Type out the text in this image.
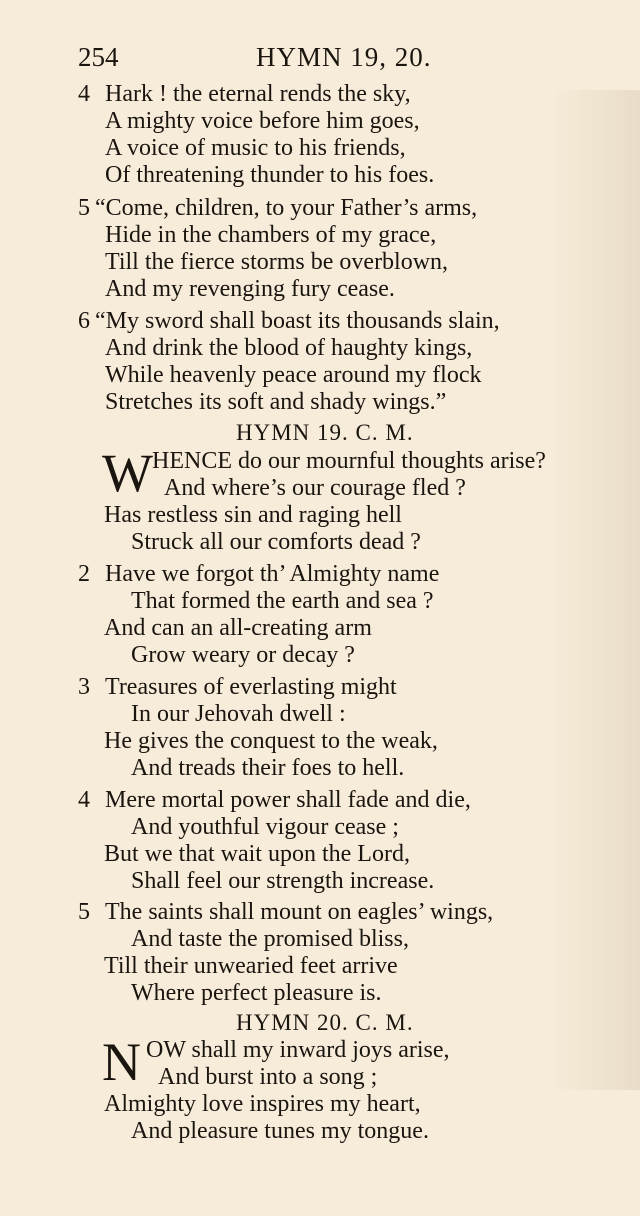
254	HYMN 19, 20.
4 Hark ! the eternal rends the sky,
A mighty voice before him goes,
A voice of music to his friends,
Of threatening thunder to his foes.
5 “Come, children, to your Father’s arms,
Hide in the chambers of my grace,
Till the fierce storms be overblown,
And my revenging fury cease.
6 “My sword shall boast its thousands slain,
And drink the blood of haughty kings,
While heavenly peace around my flock
Stretches its soft and shady wings.”
HYMN 19. C. M.
W HENCE do our mournful thoughts arise?
And where’s our courage fled ?
Has restless sin and raging hell
Struck all our comforts dead ?
2 Have we forgot th’ Almighty name
That formed the earth and sea ?
And can an all-creating arm
Grow weary or decay ?
3 Treasures of everlasting might
In our Jehovah dwell :
He gives the conquest to the weak,
And treads their foes to hell.
4 Mere mortal power shall fade and die,
And youthful vigour cease ;
But we that wait upon the Lord,
Shall feel our strength increase.
5 The saints shall mount on eagles’ wings,
And taste the promised bliss,
Till their unwearied feet arrive
Where perfect pleasure is.
HYMN 20. C. M.
N OW shall my inward joys arise,
And burst into a song ;
Almighty love inspires my heart,
And pleasure tunes my tongue.
